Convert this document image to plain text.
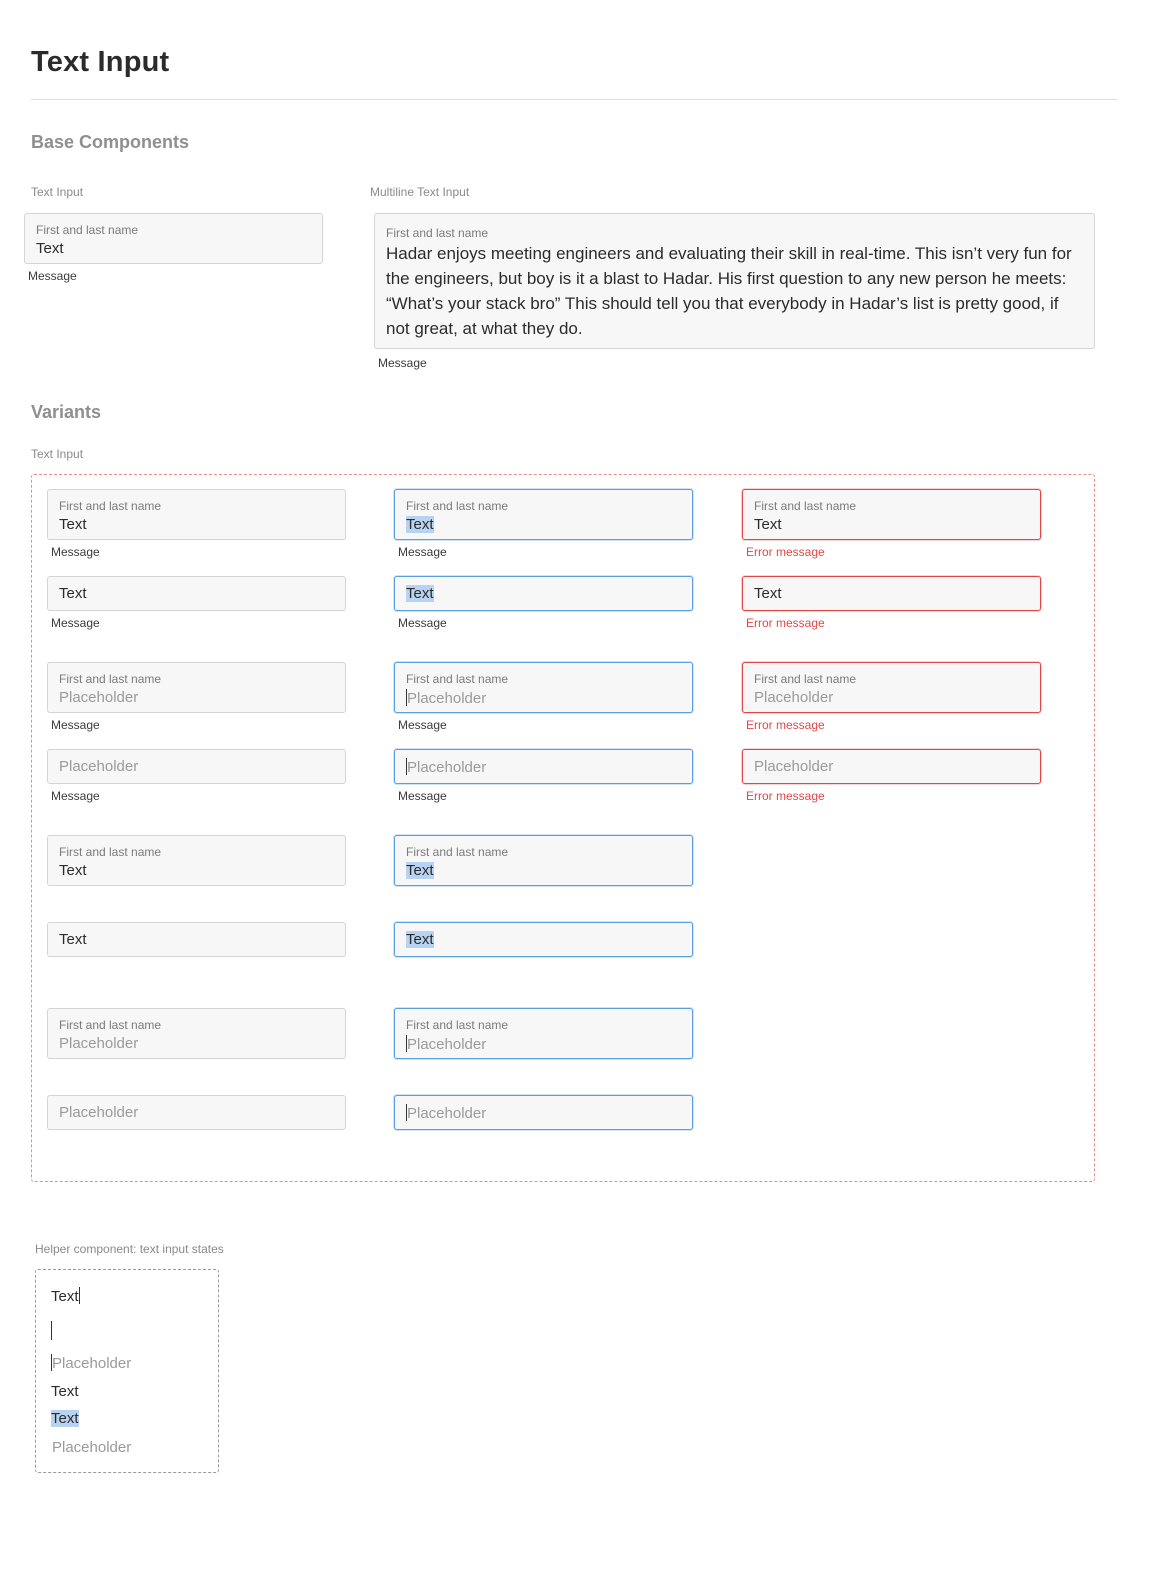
Text Input
Base Components
Text Input	Multiline Text Input
First and last name
Text
Message
First and last name
Hadar enjoys meeting engineers and evaluating their skill in real-time. This isn’t very fun for the engineers, but boy is it a blast to Hadar. His first question to any new person he meets: “What’s your stack bro” This should tell you that everybody in Hadar’s list is pretty good, if not great, at what they do.
Message
Variants
Text Input
First and last name
Text
Message
First and last name
Text
Message
First and last name
Text
Error message
Text
Message
Text
Message
Text
Error message
First and last name
Placeholder
Message
First and last name
Placeholder
Message
First and last name
Placeholder
Error message
Placeholder
Message
Placeholder
Message
Placeholder
Error message
First and last name
Text
First and last name
Text
Text	Text
First and last name
Placeholder
First and last name
Placeholder
Placeholder	Placeholder
Helper component: text input states
Text
Placeholder
Text
Text
Placeholder
